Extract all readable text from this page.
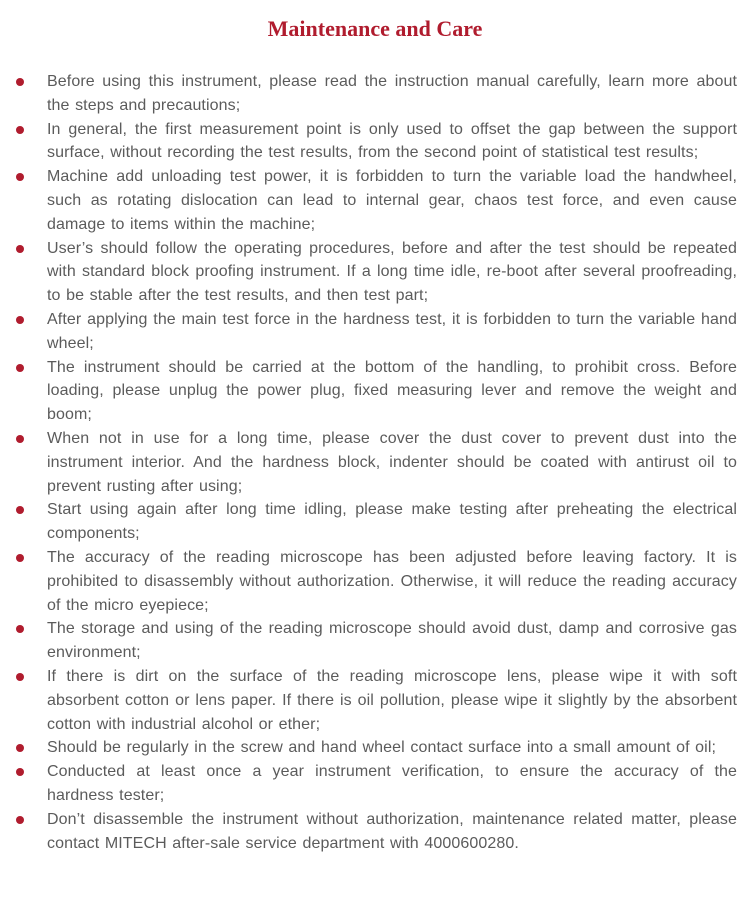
Maintenance and Care
Before using this instrument, please read the instruction manual carefully, learn more about the steps and precautions;
In general, the first measurement point is only used to offset the gap between the support surface, without recording the test results, from the second point of statistical test results;
Machine add unloading test power, it is forbidden to turn the variable load the handwheel, such as rotating dislocation can lead to internal gear, chaos test force, and even cause damage to items within the machine;
User’s should follow the operating procedures, before and after the test should be repeated with standard block proofing instrument. If a long time idle, re-boot after several proofreading, to be stable after the test results, and then test part;
After applying the main test force in the hardness test, it is forbidden to turn the variable hand wheel;
The instrument should be carried at the bottom of the handling, to prohibit cross. Before loading, please unplug the power plug, fixed measuring lever and remove the weight and boom;
When not in use for a long time, please cover the dust cover to prevent dust into the instrument interior. And the hardness block, indenter should be coated with antirust oil to prevent rusting after using;
Start using again after long time idling, please make testing after preheating the electrical components;
The accuracy of the reading microscope has been adjusted before leaving factory. It is prohibited to disassembly without authorization. Otherwise, it will reduce the reading accuracy of the micro eyepiece;
The storage and using of the reading microscope should avoid dust, damp and corrosive gas environment;
If there is dirt on the surface of the reading microscope lens, please wipe it with soft absorbent cotton or lens paper. If there is oil pollution, please wipe it slightly by the absorbent cotton with industrial alcohol or ether;
Should be regularly in the screw and hand wheel contact surface into a small amount of oil;
Conducted at least once a year instrument verification, to ensure the accuracy of the hardness tester;
Don’t disassemble the instrument without authorization, maintenance related matter, please contact MITECH after-sale service department with 4000600280.
